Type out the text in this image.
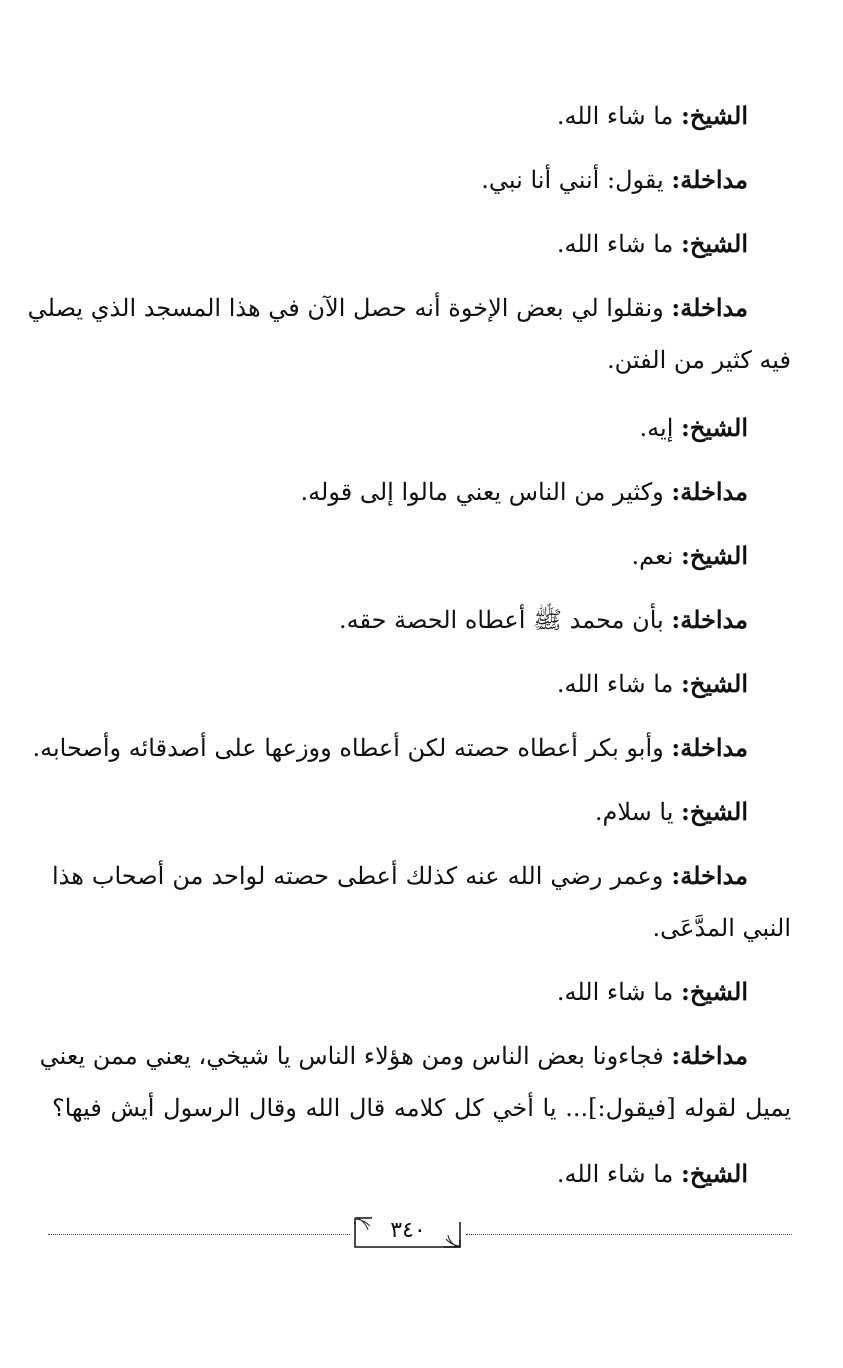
الشيخ: ما شاء الله.
مداخلة: يقول: أنني أنا نبي.
الشيخ: ما شاء الله.
مداخلة: ونقلوا لي بعض الإخوة أنه حصل الآن في هذا المسجد الذي يصلي
فيه كثير من الفتن.
الشيخ: إيه.
مداخلة: وكثير من الناس يعني مالوا إلى قوله.
الشيخ: نعم.
مداخلة: بأن محمد ﷺ أعطاه الحصة حقه.
الشيخ: ما شاء الله.
مداخلة: وأبو بكر أعطاه حصته لكن أعطاه ووزعها على أصدقائه وأصحابه.
الشيخ: يا سلام.
مداخلة: وعمر رضي الله عنه كذلك أعطى حصته لواحد من أصحاب هذا
النبي المدَّعَى.
الشيخ: ما شاء الله.
مداخلة: فجاءونا بعض الناس ومن هؤلاء الناس يا شيخي، يعني ممن يعني
يميل لقوله [فيقول:]... يا أخي كل كلامه قال الله وقال الرسول أيش فيها؟
الشيخ: ما شاء الله.
٣٤٠
